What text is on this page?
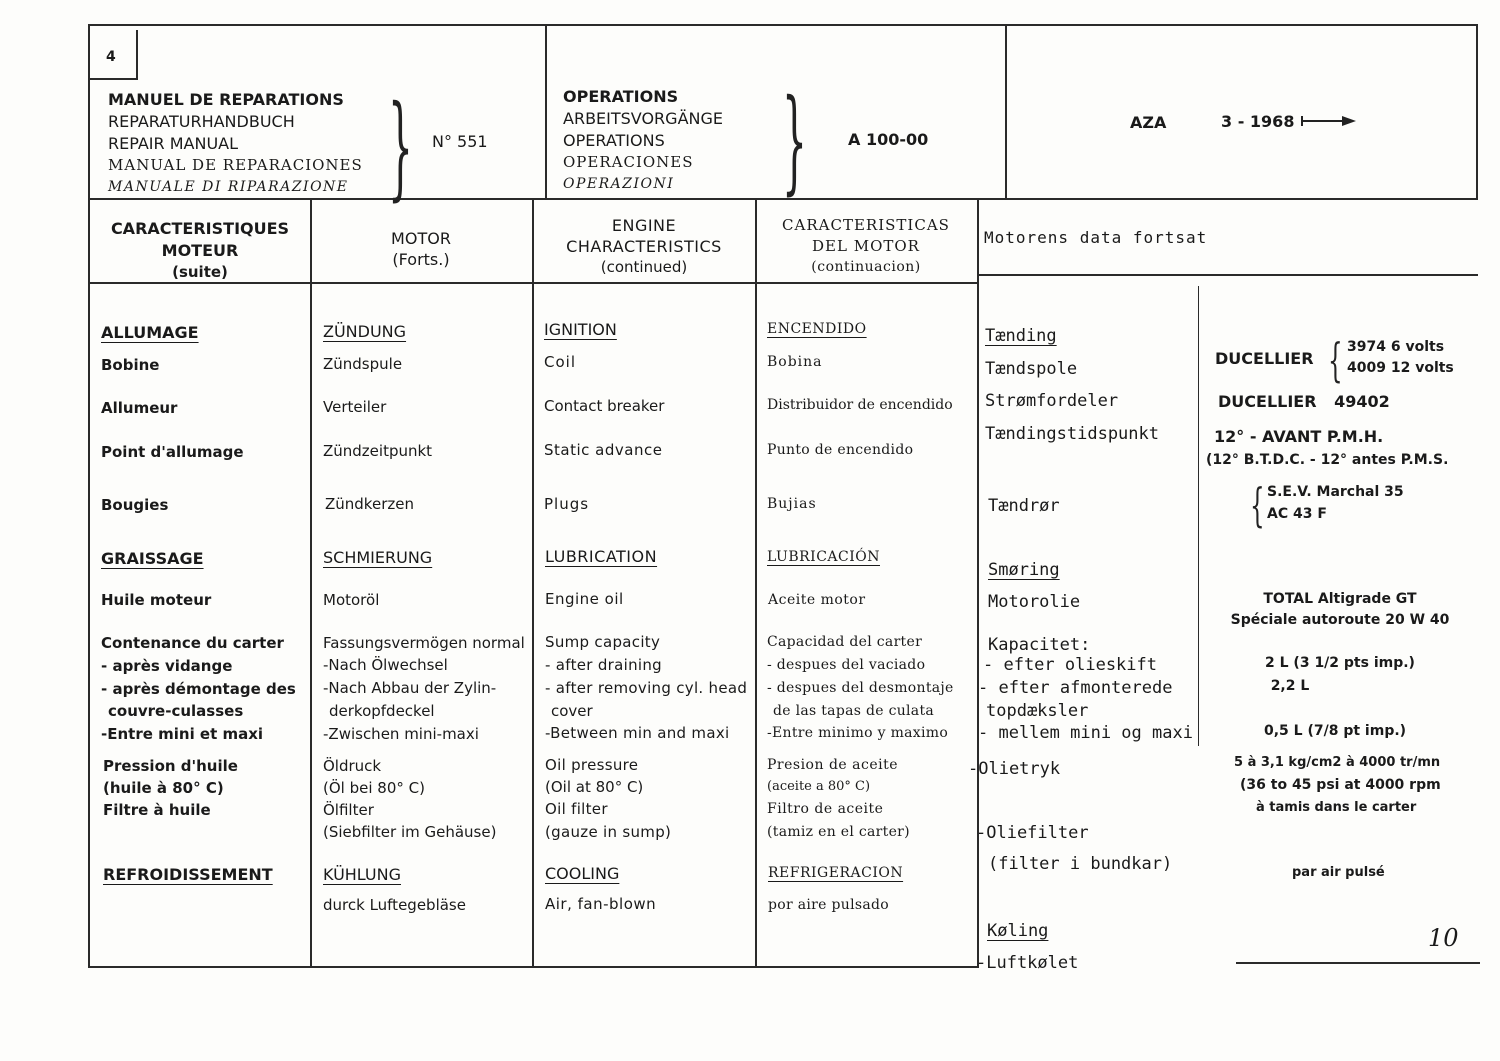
4
MANUEL DE REPARATIONS
REPARATURHANDBUCH
REPAIR MANUAL
MANUAL DE REPARACIONES
MANUALE DI RIPARAZIONE } N° 551
OPERATIONS
ARBEITSVORGÄNGE
OPERATIONS
OPERACIONES
OPERAZIONI }	A 100-00
AZA	3 - 1968
CARACTERISTIQUES
MOTEUR
(suite)
MOTOR
(Forts.)
ENGINE
CHARACTERISTICS
(continued)
CARACTERISTICAS
DEL MOTOR
(continuacion)
Motorens data fortsat
ALLUMAGE
Bobine
Allumeur
Point d'allumage
Bougies
GRAISSAGE
Huile moteur
Contenance du carter
- après vidange
- après démontage des
couvre-culasses
-Entre mini et maxi
Pression d'huile
(huile à 80° C)
Filtre à huile
REFROIDISSEMENT
ZÜNDUNG
Zündspule
Verteiler
Zündzeitpunkt
Zündkerzen
SCHMIERUNG
Motoröl
Fassungsvermögen normal
-Nach Ölwechsel
-Nach Abbau der Zylin-
derkopfdeckel
-Zwischen mini-maxi
Öldruck
(Öl bei 80° C)
Ölfilter
(Siebfilter im Gehäuse)
KÜHLUNG
durck Luftegebläse
IGNITION
Coil
Contact breaker
Static advance
Plugs
LUBRICATION
Engine oil
Sump capacity
- after draining
- after removing cyl. head
cover
-Between min and maxi
Oil pressure
(Oil at 80° C)
Oil filter
(gauze in sump)
COOLING
Air, fan-blown
ENCENDIDO
Bobina
Distribuidor de encendido
Punto de encendido
Bujias
LUBRICACIÓN
Aceite motor
Capacidad del carter
- despues del vaciado
- despues del desmontaje
de las tapas de culata
-Entre minimo y maximo
Presion de aceite
(aceite a 80° C)
Filtro de aceite
(tamiz en el carter)
REFRIGERACION
por aire pulsado
Tænding
Tændspole
Strømfordeler
Tændingstidspunkt
Tændrør
Smøring
Motorolie
Kapacitet:
- efter olieskift
- efter afmonterede
topdæksler
- mellem mini og maxi
-Olietryk
-Oliefilter
(filter i bundkar)
Køling
-Luftkølet
DUCELLIER { 3974 6 volts
4009 12 volts
DUCELLIER 49402
12° - AVANT P.M.H.
(12° B.T.D.C. - 12° antes P.M.S.
{ S.E.V. Marchal 35
AC 43 F
TOTAL Altigrade GT
Spéciale autoroute 20 W 40
2 L (3 1/2 pts imp.)
2,2 L
0,5 L (7/8 pt imp.)
5 à 3,1 kg/cm2 à 4000 tr/mn
(36 to 45 psi at 4000 rpm
à tamis dans le carter
par air pulsé
10
